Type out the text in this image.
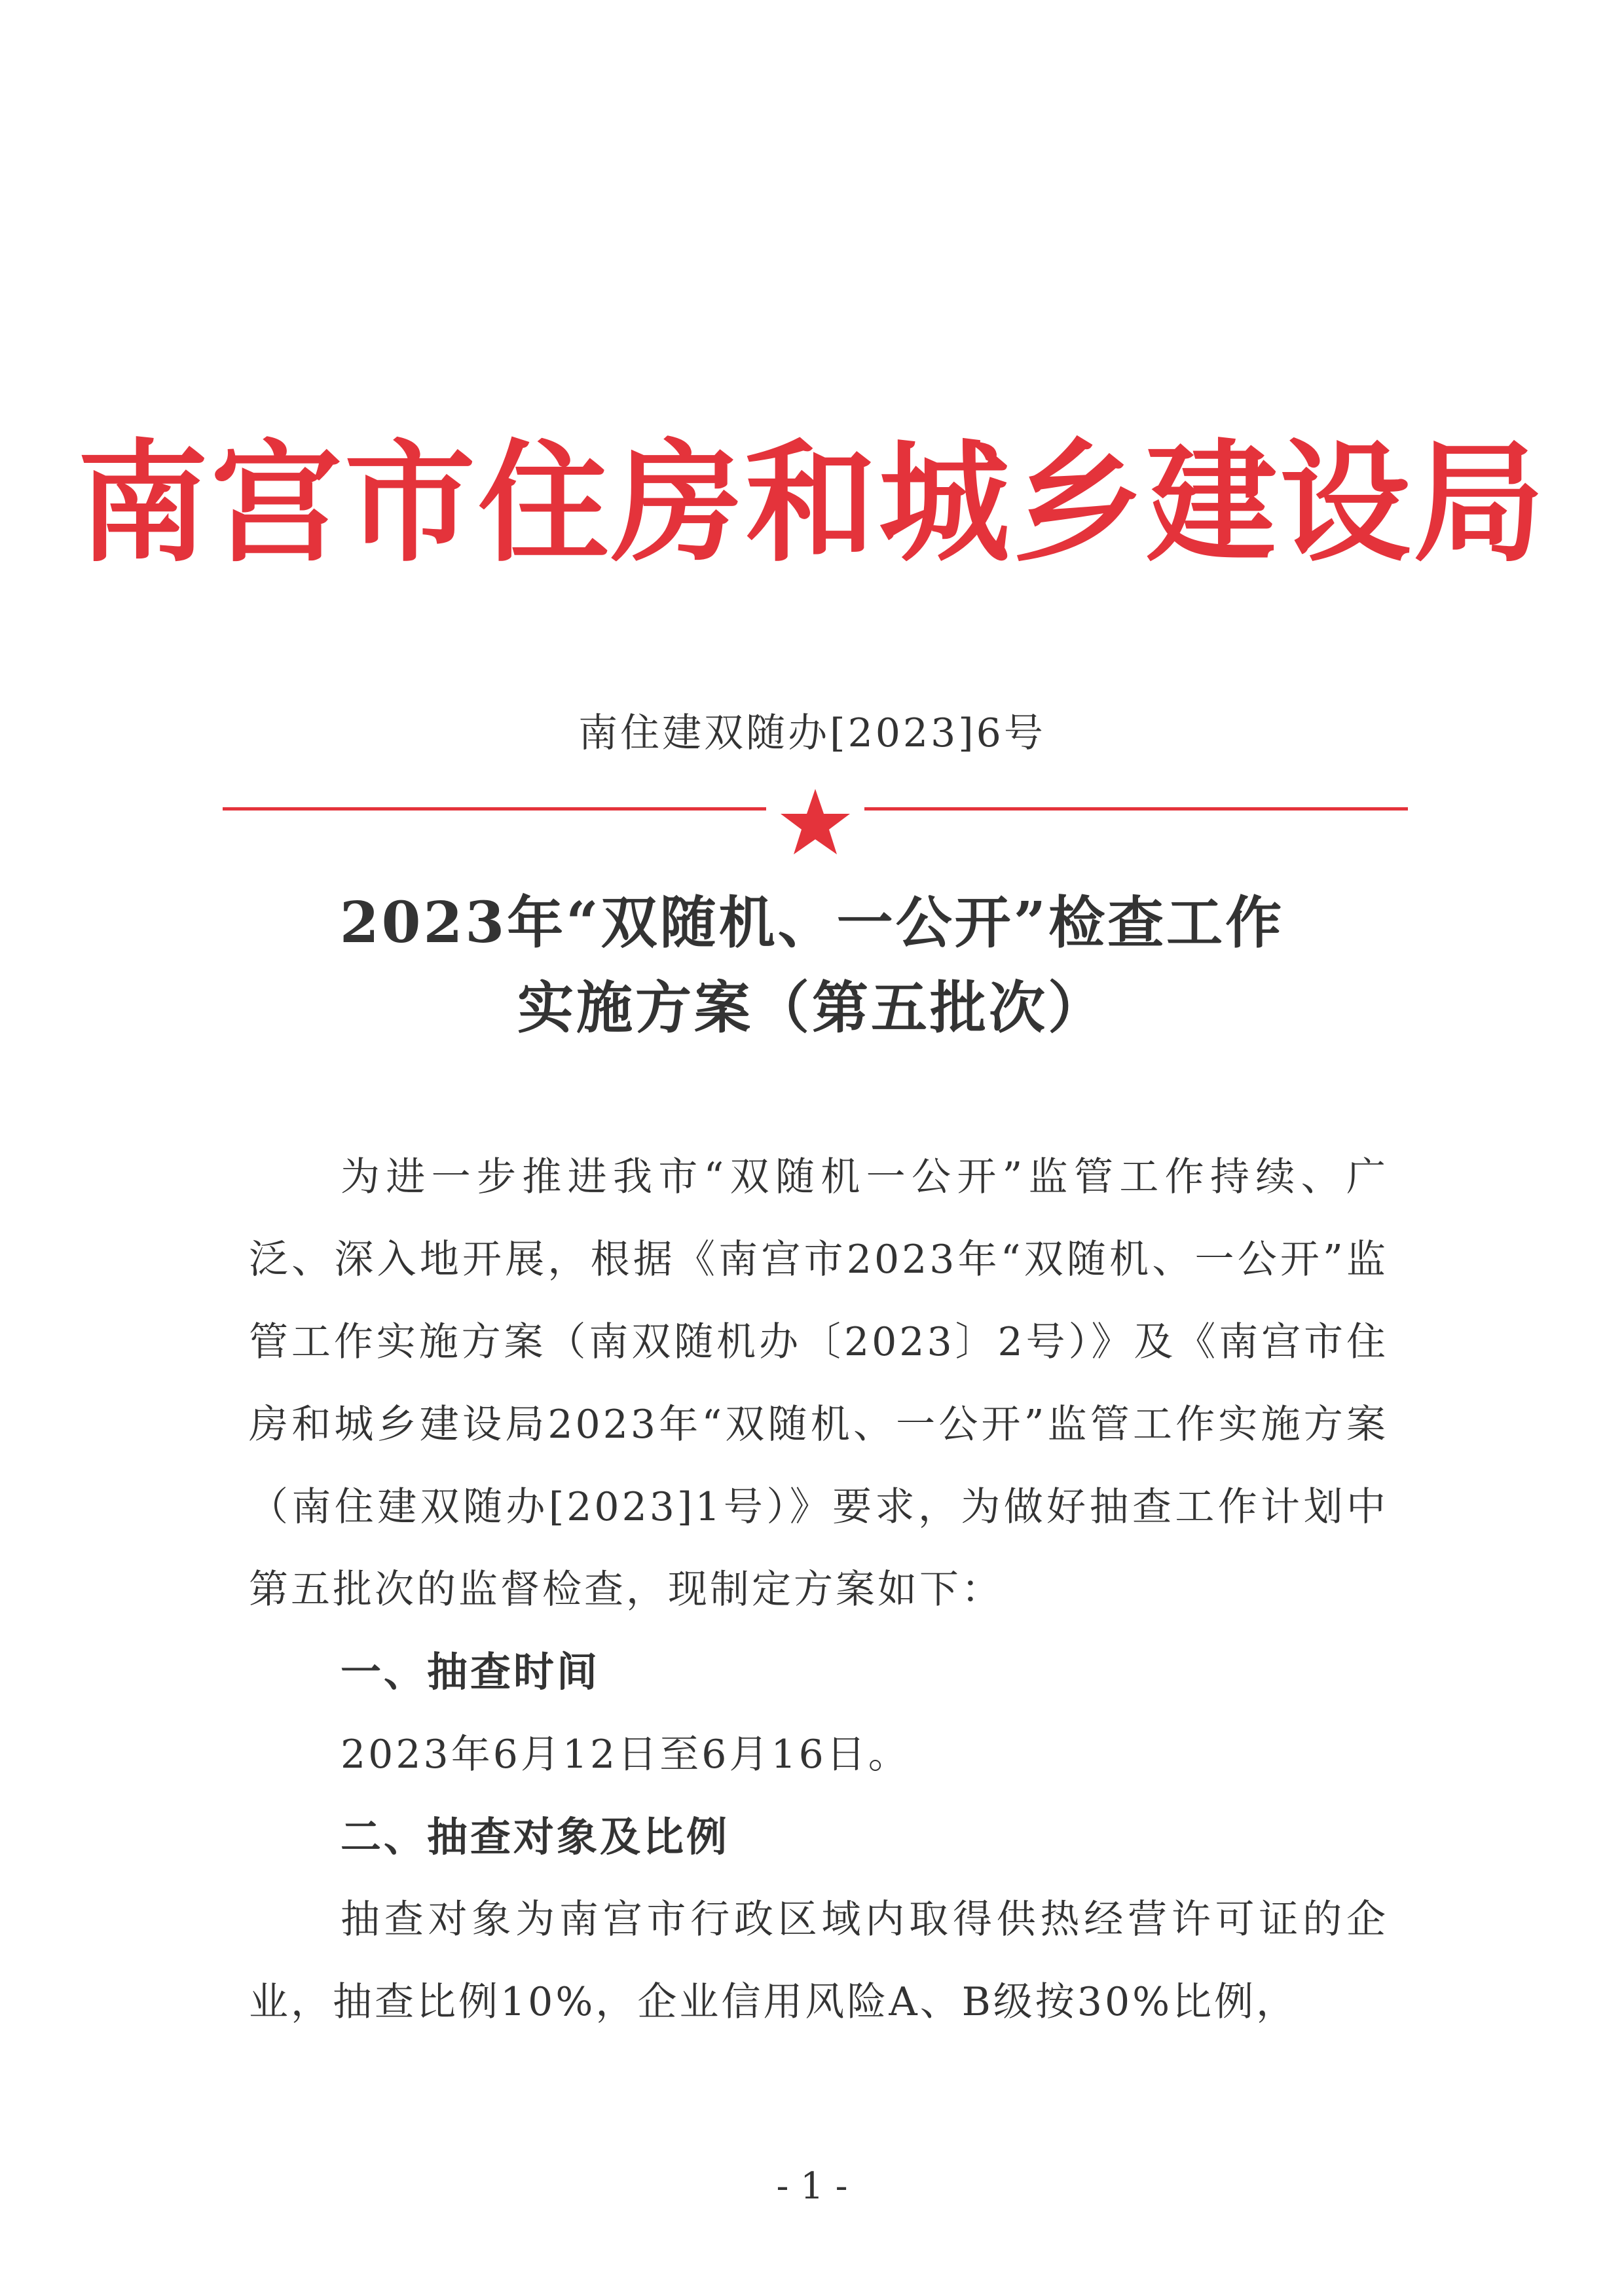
南宫市住房和城乡建设局
南住建双随办[2023]6号
2023年“双随机、一公开”检查工作
实施方案（第五批次）

为进一步推进我市“双随机一公开”监管工作持续、广泛、深入地开展，根据《南宫市2023年“双随机、一公开”监管工作实施方案（南双随机办〔2023〕2号）》及《南宫市住房和城乡建设局2023年“双随机、一公开”监管工作实施方案（南住建双随办[2023]1号）》要求，为做好抽查工作计划中第五批次的监督检查，现制定方案如下：

一、抽查时间

2023年6月12日至6月16日。

二、抽查对象及比例

抽查对象为南宫市行政区域内取得供热经营许可证的企业，抽查比例10%，企业信用风险A、B级按30%比例，

- 1 -
